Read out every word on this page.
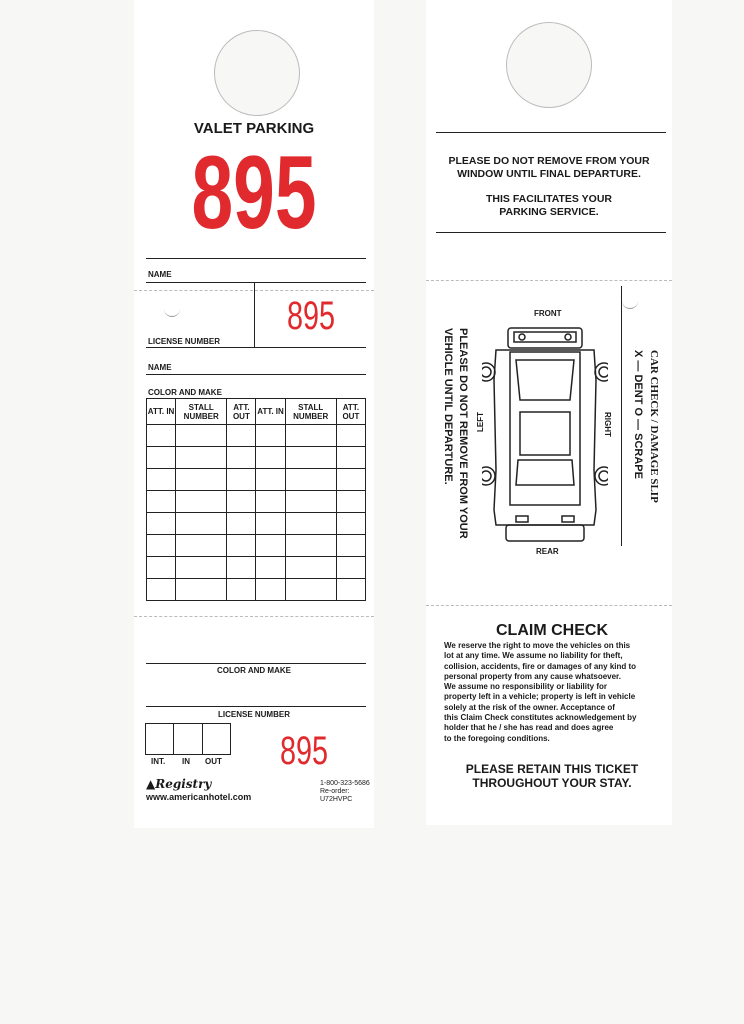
VALET PARKING
895
NAME
895
LICENSE NUMBER
NAME
COLOR AND MAKE
ATT. IN	STALL NUMBER	ATT. OUT	ATT. IN	STALL NUMBER	ATT. OUT

COLOR AND MAKE
LICENSE NUMBER
INT. IN OUT	895
▲Registry
www.americanhotel.com
1-800-323-5686
Re-order:
U72HVPC
PLEASE DO NOT REMOVE FROM YOUR
WINDOW UNTIL FINAL DEPARTURE.
THIS FACILITATES YOUR
PARKING SERVICE.
FRONT
REAR
LEFT	RIGHT
PLEASE DO NOT REMOVE FROM YOUR
VEHICLE UNTIL DEPARTURE.	CAR CHECK / DAMAGE SLIP
X — DENT O — SCRAPE
CLAIM CHECK
We reserve the right to move the vehicles on this
lot at any time. We assume no liability for theft,
collision, accidents, fire or damages of any kind to
personal property from any cause whatsoever.
We assume no responsibility or liability for
property left in a vehicle; property is left in vehicle
solely at the risk of the owner. Acceptance of
this Claim Check constitutes acknowledgement by
holder that he / she has read and does agree
to the foregoing conditions.
PLEASE RETAIN THIS TICKET
THROUGHOUT YOUR STAY.
